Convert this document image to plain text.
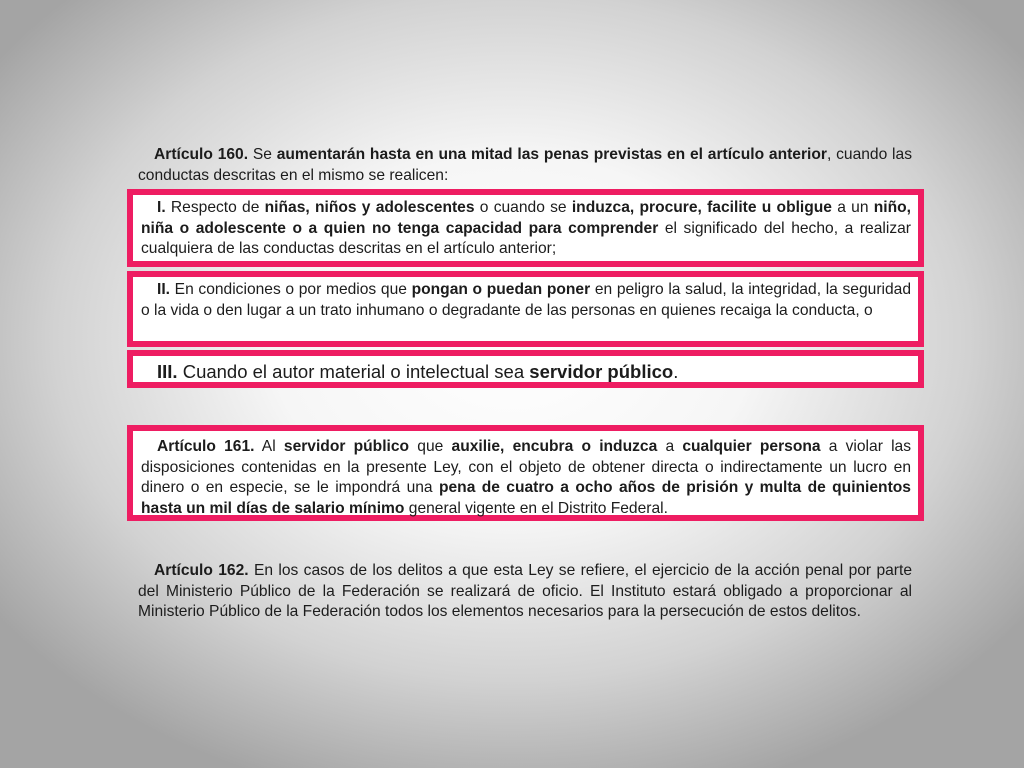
Artículo 160. Se aumentarán hasta en una mitad las penas previstas en el artículo anterior, cuando las conductas descritas en el mismo se realicen:

I. Respecto de niñas, niños y adolescentes o cuando se induzca, procure, facilite u obligue a un niño, niña o adolescente o a quien no tenga capacidad para comprender el significado del hecho, a realizar cualquiera de las conductas descritas en el artículo anterior;

II. En condiciones o por medios que pongan o puedan poner en peligro la salud, la integridad, la seguridad o la vida o den lugar a un trato inhumano o degradante de las personas en quienes recaiga la conducta, o

III. Cuando el autor material o intelectual sea servidor público.

Artículo 161. Al servidor público que auxilie, encubra o induzca a cualquier persona a violar las disposiciones contenidas en la presente Ley, con el objeto de obtener directa o indirectamente un lucro en dinero o en especie, se le impondrá una pena de cuatro a ocho años de prisión y multa de quinientos hasta un mil días de salario mínimo general vigente en el Distrito Federal.

Artículo 162. En los casos de los delitos a que esta Ley se refiere, el ejercicio de la acción penal por parte del Ministerio Público de la Federación se realizará de oficio. El Instituto estará obligado a proporcionar al Ministerio Público de la Federación todos los elementos necesarios para la persecución de estos delitos.
